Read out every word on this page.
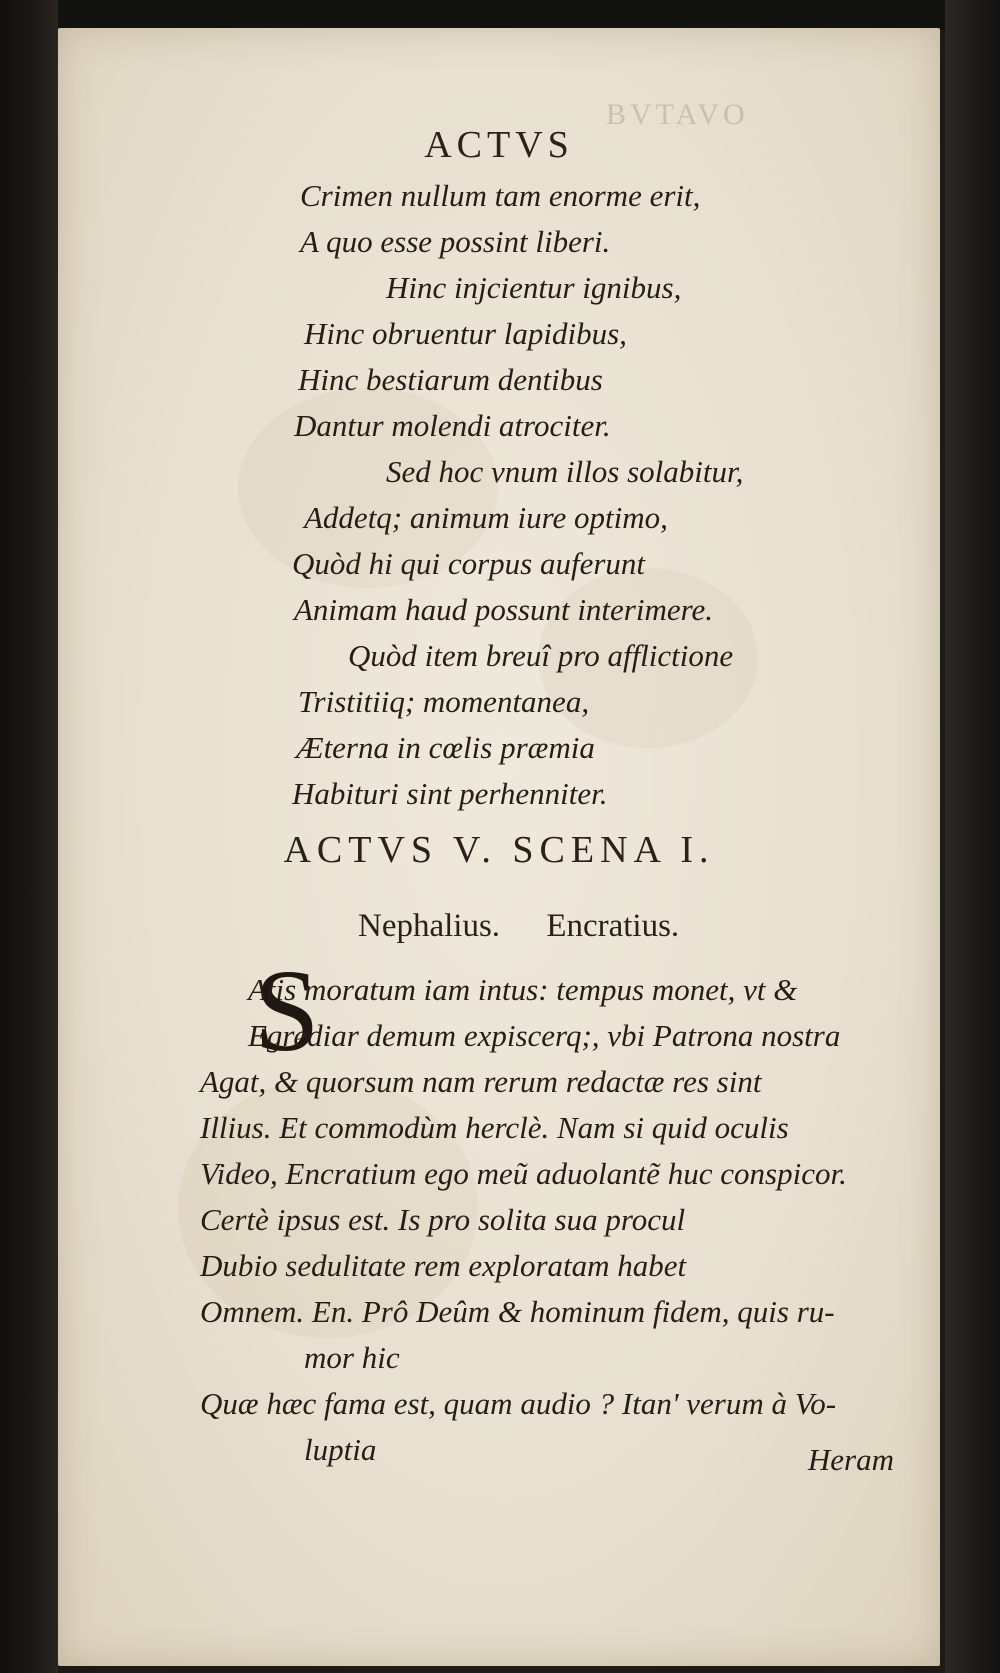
BVTAVO
ACTVS

Crimen nullum tam enorme erit,

A quo esse possint liberi.

Hinc injcientur ignibus,

Hinc obruentur lapidibus,

Hinc bestiarum dentibus

Dantur molendi atrociter.

Sed hoc vnum illos solabitur,

Addetq; animum iure optimo,

Quòd hi qui corpus auferunt

Animam haud possunt interimere.

Quòd item breuî pro afflictione

Tristitiiq; momentanea,

Æterna in cœlis præmia

Habituri sint perhenniter.

ACTVS V. SCENA I.
Nephalius. Encratius.
S

Atis moratum iam intus: tempus monet, vt &

Egrediar demum expiscerq;, vbi Patrona nostra

Agat, & quorsum nam rerum redactæ res sint

Illius. Et commodùm herclè. Nam si quid oculis

Video, Encratium ego meũ aduolantẽ huc conspicor.

Certè ipsus est. Is pro solita sua procul

Dubio sedulitate rem exploratam habet

Omnem. En. Prô Deûm & hominum fidem, quis ru-

mor hic

Quæ hæc fama est, quam audio ? Itan' verum à Vo-

luptia	Heram
